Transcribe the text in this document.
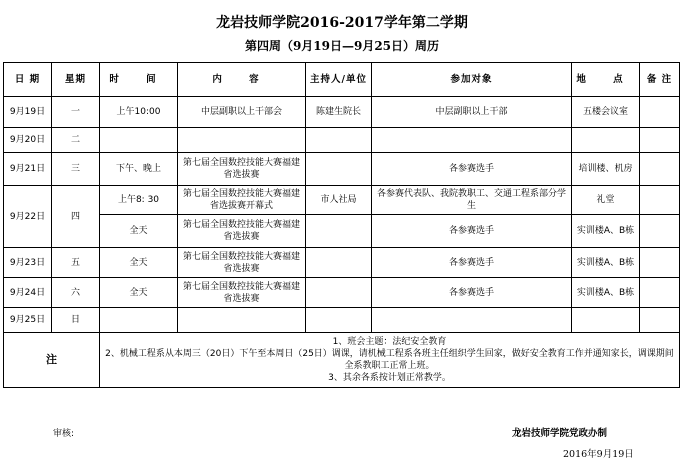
龙岩技师学院2016-2017学年第二学期
第四周（9月19日—9月25日）周历
日 期	星期	时 间	内 容	主持人/单位	参加对象	地 点	备 注
9月19日	一	上午10:00	中层副职以上干部会	陈建生院长	中层副职以上干部	五楼会议室	
9月20日	二						
9月21日	三	下午、晚上	第七届全国数控技能大赛福建省选拔赛		各参赛选手	培训楼、机房	
9月22日	四	上午8: 30	第七届全国数控技能大赛福建省选拔赛开幕式	市人社局	各参赛代表队、我院教职工、交通工程系部分学生	礼堂	
		全天	第七届全国数控技能大赛福建省选拔赛		各参赛选手	实训楼A、B栋	
9月23日	五	全天	第七届全国数控技能大赛福建省选拔赛		各参赛选手	实训楼A、B栋	
9月24日	六	全天	第七届全国数控技能大赛福建省选拔赛		各参赛选手	实训楼A、B栋	
9月25日	日						
注		1、班会主题：法纪安全教育
2、机械工程系从本周三（20日）下午至本周日（25日）调课，请机械工程系各班主任组织学生回家，做好安全教育工作并通知家长，调课期间全系教职工正常上班。
3、其余各系按计划正常教学。					
审核:	龙岩技师学院党政办制
2016年9月19日
